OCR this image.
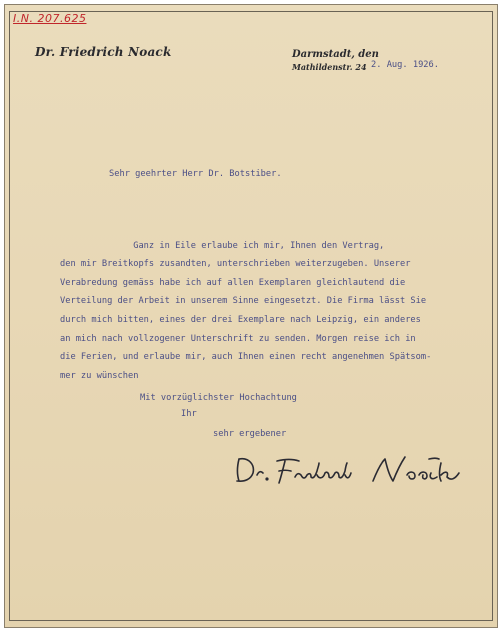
I.N. 207.625
Dr. Friedrich Noack	Darmstadt, den
Mathildenstr. 24 2. Aug. 1926.
Sehr geehrter Herr Dr. Botstiber.
Ganz in Eile erlaube ich mir, Ihnen den Vertrag,
den mir Breitkopfs zusandten, unterschrieben weiterzugeben. Unserer
Verabredung gemäss habe ich auf allen Exemplaren gleichlautend die
Verteilung der Arbeit in unserem Sinne eingesetzt. Die Firma lässt Sie
durch mich bitten, eines der drei Exemplare nach Leipzig, ein anderes
an mich nach vollzogener Unterschrift zu senden. Morgen reise ich in
die Ferien, und erlaube mir, auch Ihnen einen recht angenehmen Spätsom-
mer zu wünschen
Mit vorzüglichster Hochachtung
Ihr
sehr ergebener
